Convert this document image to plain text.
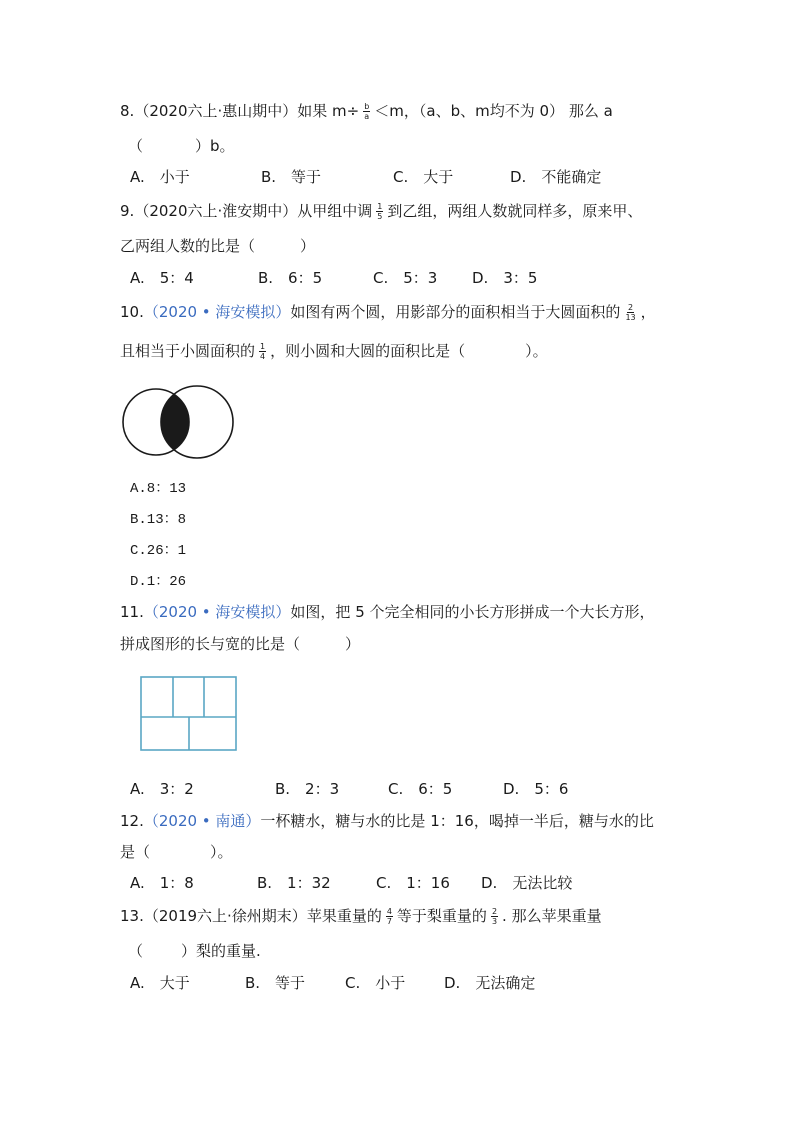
8.（2020六上·惠山期中）如果 $m\div \frac{b}{a} <m$，（a、b、m均不为 0） 那么 a
（	）b。
A.　小于	B.　等于	C.　大于	D.　不能确定
9.（2020六上·淮安期中）从甲组中调 $\frac{1}{5}$ 到乙组，两组人数就同样多，原来甲、
乙两组人数的比是（　　　）
A.　5：4	B.　6：5	C.　5：3 D.　3：5
10.（2020 • 海安模拟）如图有两个圆，用影部分的面积相当于大圆面积的 $\frac{2}{13}$ ，
且相当于小圆面积的 $\frac{1}{4}$ ，则小圆和大圆的面积比是（　　　　）。
A.8：13
B.13：8
C.26：1
D.1：26
11.（2020 • 海安模拟）如图，把 5 个完全相同的小长方形拼成一个大长方形，
拼成图形的长与宽的比是（　　　）
A.　3：2	B.　2：3	C.　6：5	D.　5：6
12.（2020 • 南通）一杯糖水，糖与水的比是 1：16，喝掉一半后，糖与水的比
是（　　　　）。
A.　1：8	B.　1：32	C.　1：16 D.　无法比较
13.（2019六上·徐州期末）苹果重量的 $\frac{4}{7}$ 等于梨重量的 $\frac{2}{3}$ . 那么苹果重量
（	）梨的重量.
A.　大于	B.　等于	C.　小于	D.　无法确定
